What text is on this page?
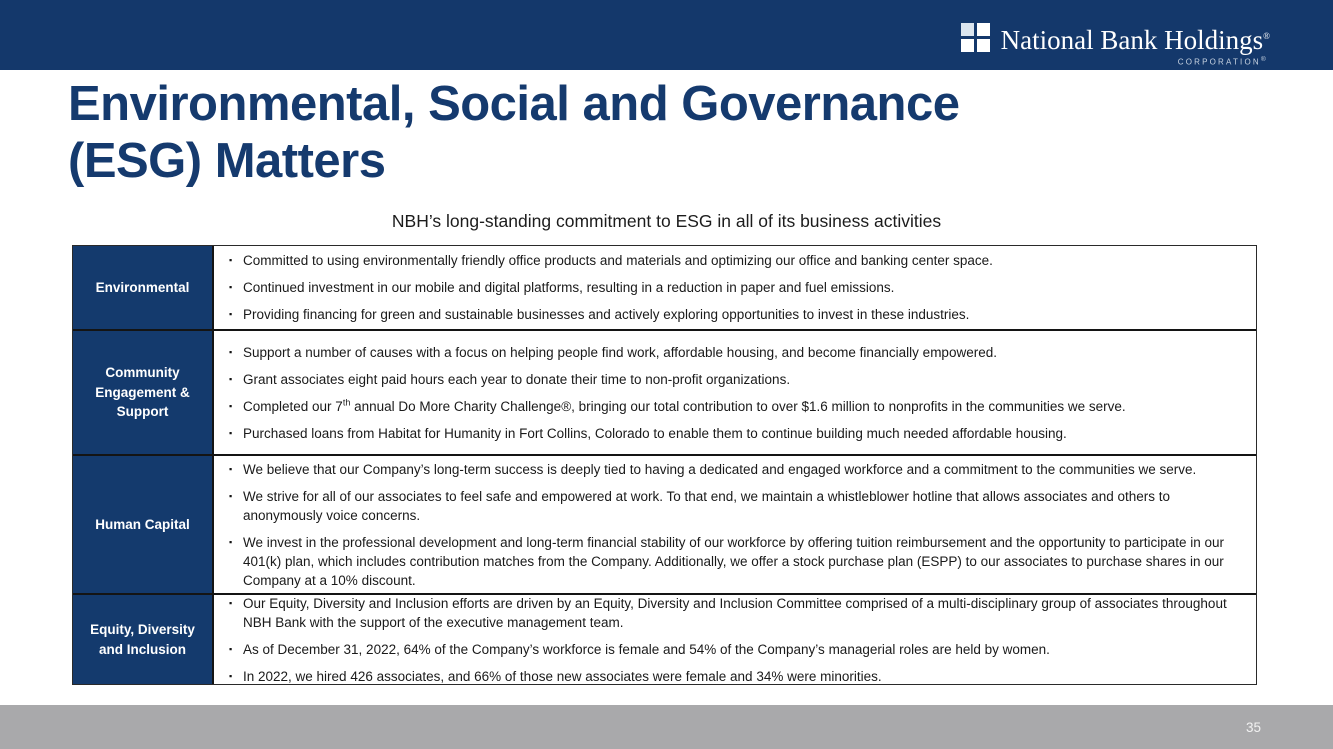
National Bank Holdings®
CORPORATION®
Environmental, Social and Governance
(ESG) Matters
NBH’s long-standing commitment to ESG in all of its business activities
Environmental
▪ Committed to using environmentally friendly office products and materials and optimizing our office and banking center space.
▪ Continued investment in our mobile and digital platforms, resulting in a reduction in paper and fuel emissions.
▪ Providing financing for green and sustainable businesses and actively exploring opportunities to invest in these industries.
Community Engagement & Support
▪ Support a number of causes with a focus on helping people find work, affordable housing, and become financially empowered.
▪ Grant associates eight paid hours each year to donate their time to non-profit organizations.
▪ Completed our 7th annual Do More Charity Challenge®, bringing our total contribution to over $1.6 million to nonprofits in the communities we serve.
▪ Purchased loans from Habitat for Humanity in Fort Collins, Colorado to enable them to continue building much needed affordable housing.
Human Capital
▪ We believe that our Company’s long-term success is deeply tied to having a dedicated and engaged workforce and a commitment to the communities we serve.
▪ We strive for all of our associates to feel safe and empowered at work. To that end, we maintain a whistleblower hotline that allows associates and others to anonymously voice concerns.
▪ We invest in the professional development and long-term financial stability of our workforce by offering tuition reimbursement and the opportunity to participate in our 401(k) plan, which includes contribution matches from the Company. Additionally, we offer a stock purchase plan (ESPP) to our associates to purchase shares in our Company at a 10% discount.
Equity, Diversity and Inclusion
▪ Our Equity, Diversity and Inclusion efforts are driven by an Equity, Diversity and Inclusion Committee comprised of a multi-disciplinary group of associates throughout NBH Bank with the support of the executive management team.
▪ As of December 31, 2022, 64% of the Company’s workforce is female and 54% of the Company’s managerial roles are held by women.
▪ In 2022, we hired 426 associates, and 66% of those new associates were female and 34% were minorities.
35
